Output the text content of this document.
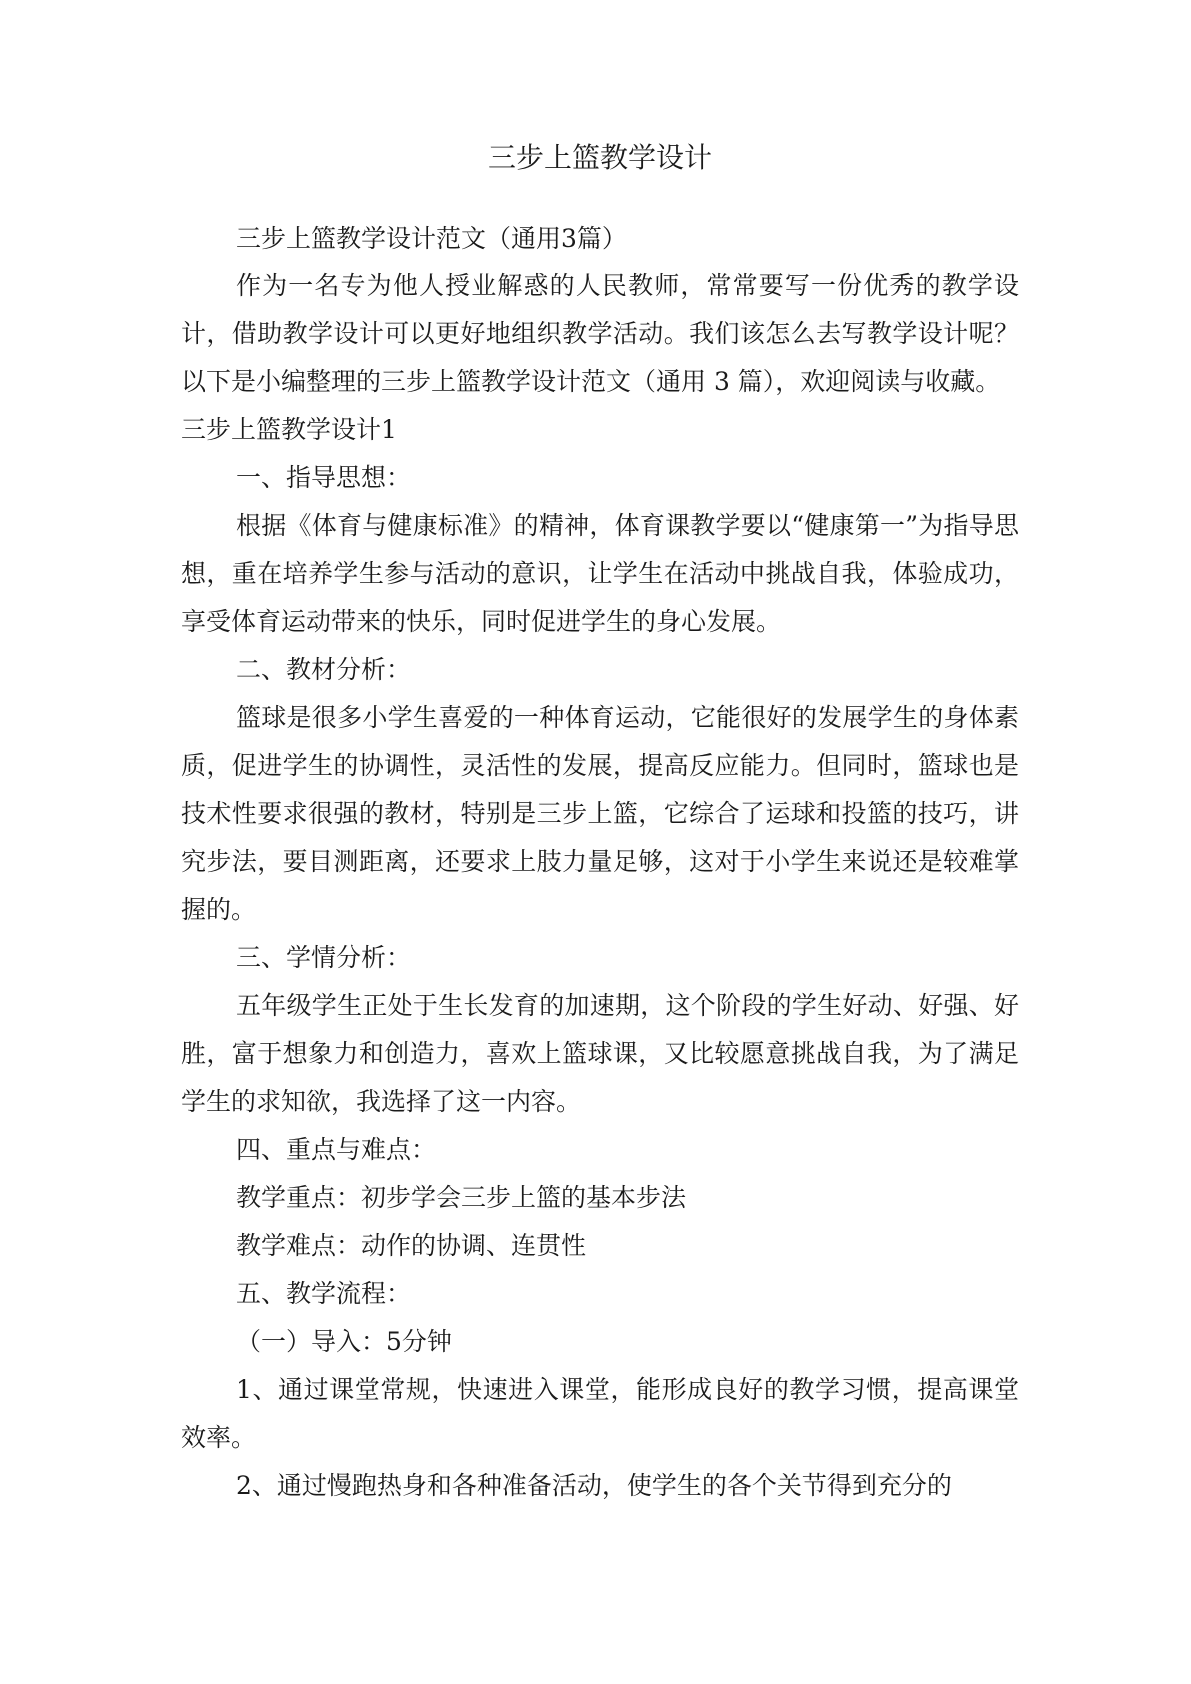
三步上篮教学设计

三步上篮教学设计范文（通用3篇）

作为一名专为他人授业解惑的人民教师，常常要写一份优秀的教学设计，借助教学设计可以更好地组织教学活动。我们该怎么去写教学设计呢？以下是小编整理的三步上篮教学设计范文（通用 3 篇），欢迎阅读与收藏。

三步上篮教学设计1

一、指导思想：

根据《体育与健康标准》的精神，体育课教学要以“健康第一”为指导思想，重在培养学生参与活动的意识，让学生在活动中挑战自我，体验成功，享受体育运动带来的快乐，同时促进学生的身心发展。

二、教材分析：

篮球是很多小学生喜爱的一种体育运动，它能很好的发展学生的身体素质，促进学生的协调性，灵活性的发展，提高反应能力。但同时，篮球也是技术性要求很强的教材，特别是三步上篮，它综合了运球和投篮的技巧，讲究步法，要目测距离，还要求上肢力量足够，这对于小学生来说还是较难掌握的。

三、学情分析：

五年级学生正处于生长发育的加速期，这个阶段的学生好动、好强、好胜，富于想象力和创造力，喜欢上篮球课，又比较愿意挑战自我，为了满足学生的求知欲，我选择了这一内容。

四、重点与难点：

教学重点：初步学会三步上篮的基本步法

教学难点：动作的协调、连贯性

五、教学流程：

（一）导入：5分钟

1、通过课堂常规，快速进入课堂，能形成良好的教学习惯，提高课堂效率。

2、通过慢跑热身和各种准备活动，使学生的各个关节得到充分的
